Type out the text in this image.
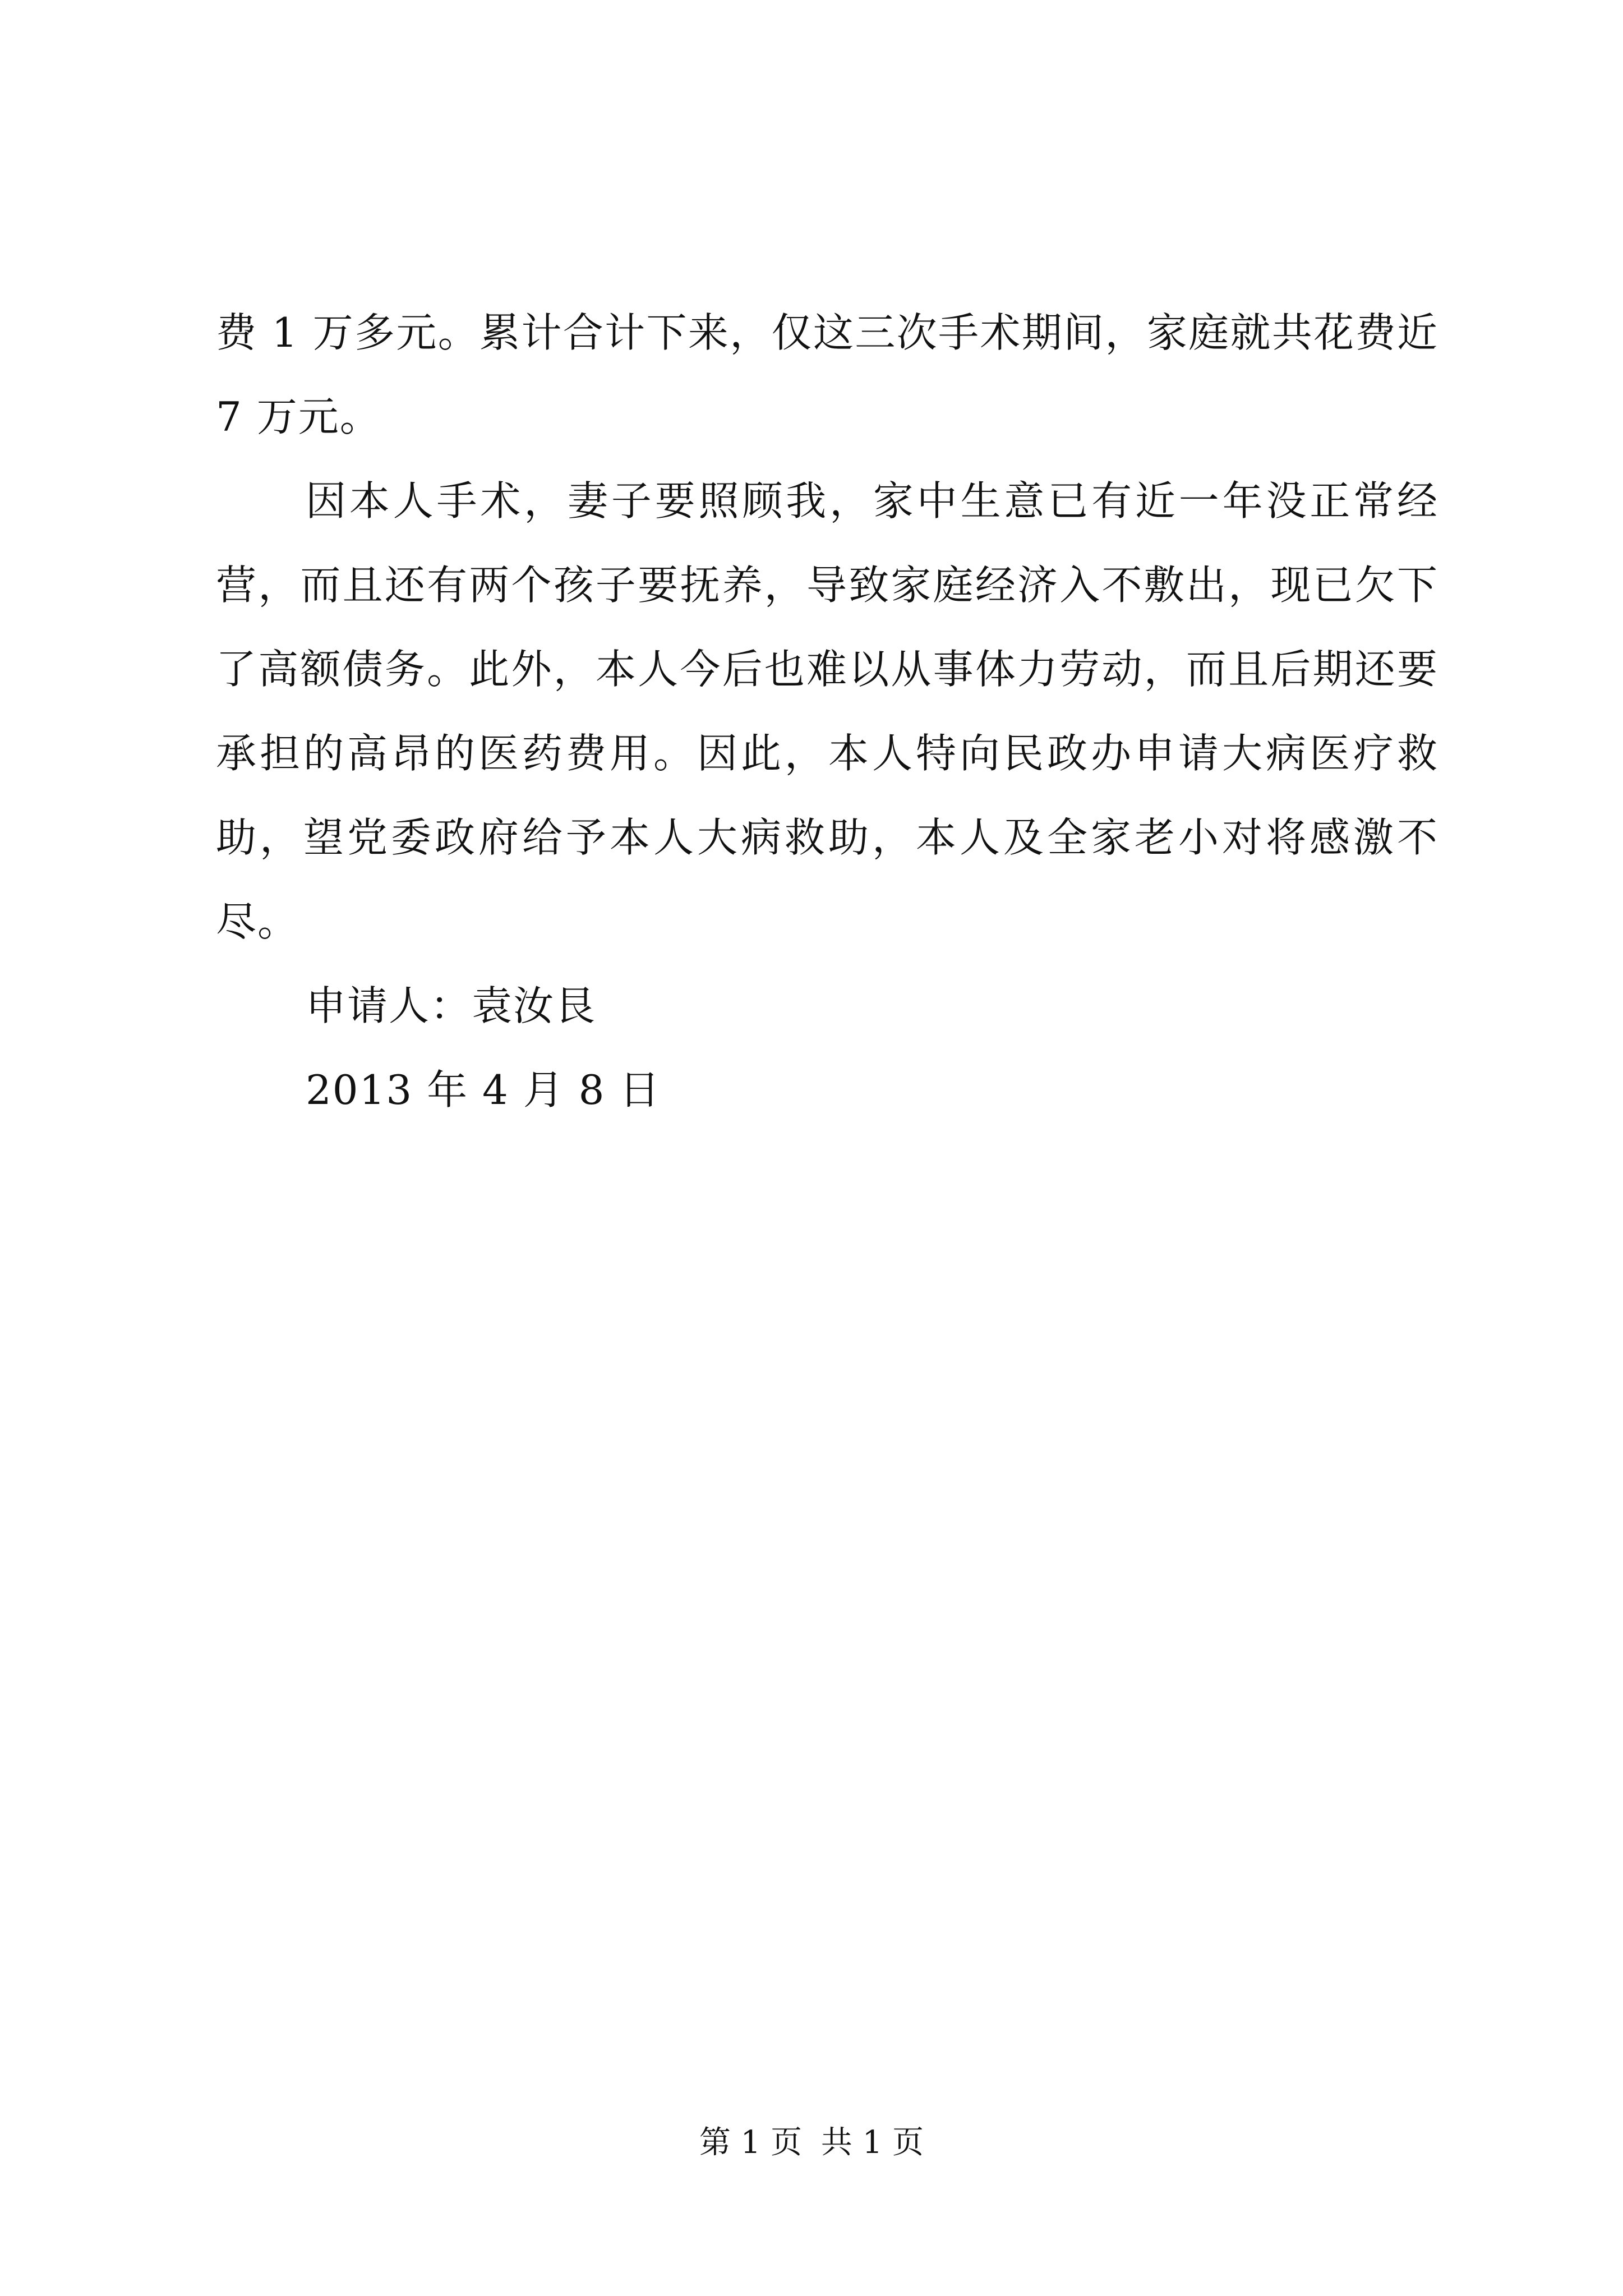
费 1 万多元。累计合计下来，仅这三次手术期间，家庭就共花费近 7 万元。

因本人手术，妻子要照顾我，家中生意已有近一年没正常经营，而且还有两个孩子要抚养，导致家庭经济入不敷出，现已欠下了高额债务。此外，本人今后也难以从事体力劳动，而且后期还要承担的高昂的医药费用。因此，本人特向民政办申请大病医疗救助，望党委政府给予本人大病救助，本人及全家老小对将感激不尽。

申请人：袁汝艮

2013 年 4 月 8 日

第 1 页 共 1 页
